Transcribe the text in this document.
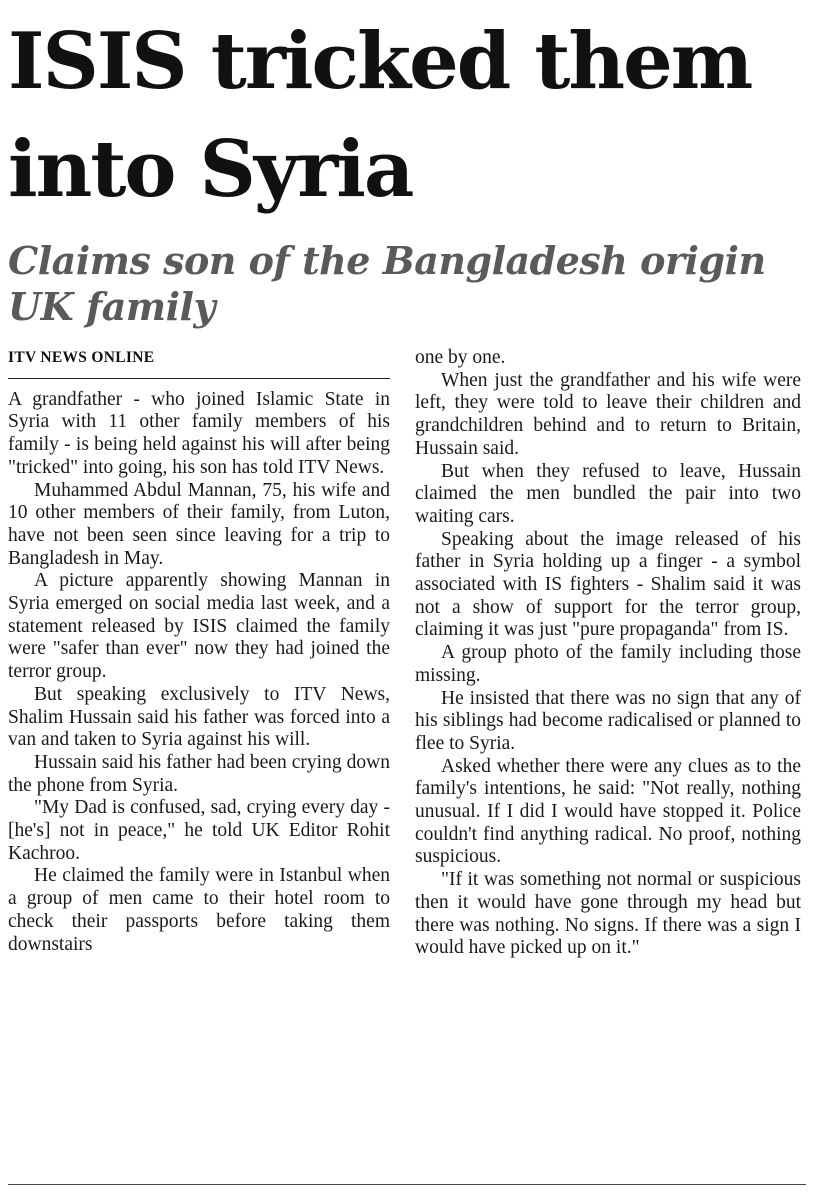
ISIS tricked them into Syria
Claims son of the Bangladesh origin UK family
ITV NEWS ONLINE

A grandfather - who joined Islamic State in Syria with 11 other family members of his family - is being held against his will after being "tricked" into going, his son has told ITV News.

Muhammed Abdul Mannan, 75, his wife and 10 other members of their family, from Luton, have not been seen since leaving for a trip to Bangladesh in May.

A picture apparently showing Mannan in Syria emerged on social media last week, and a statement released by ISIS claimed the family were "safer than ever" now they had joined the terror group.

But speaking exclusively to ITV News, Shalim Hussain said his father was forced into a van and taken to Syria against his will.

Hussain said his father had been crying down the phone from Syria.

"My Dad is confused, sad, crying every day - [he's] not in peace," he told UK Editor Rohit Kachroo.

He claimed the family were in Istanbul when a group of men came to their hotel room to check their passports before taking them downstairs

one by one.

When just the grandfather and his wife were left, they were told to leave their children and grandchildren behind and to return to Britain, Hussain said.

But when they refused to leave, Hussain claimed the men bundled the pair into two waiting cars.

Speaking about the image released of his father in Syria holding up a finger - a symbol associated with IS fighters - Shalim said it was not a show of support for the terror group, claiming it was just "pure propaganda" from IS.

A group photo of the family including those missing.

He insisted that there was no sign that any of his siblings had become radicalised or planned to flee to Syria.

Asked whether there were any clues as to the family's intentions, he said: "Not really, nothing unusual. If I did I would have stopped it. Police couldn't find anything radical. No proof, nothing suspicious.

"If it was something not normal or suspicious then it would have gone through my head but there was nothing. No signs. If there was a sign I would have picked up on it."
